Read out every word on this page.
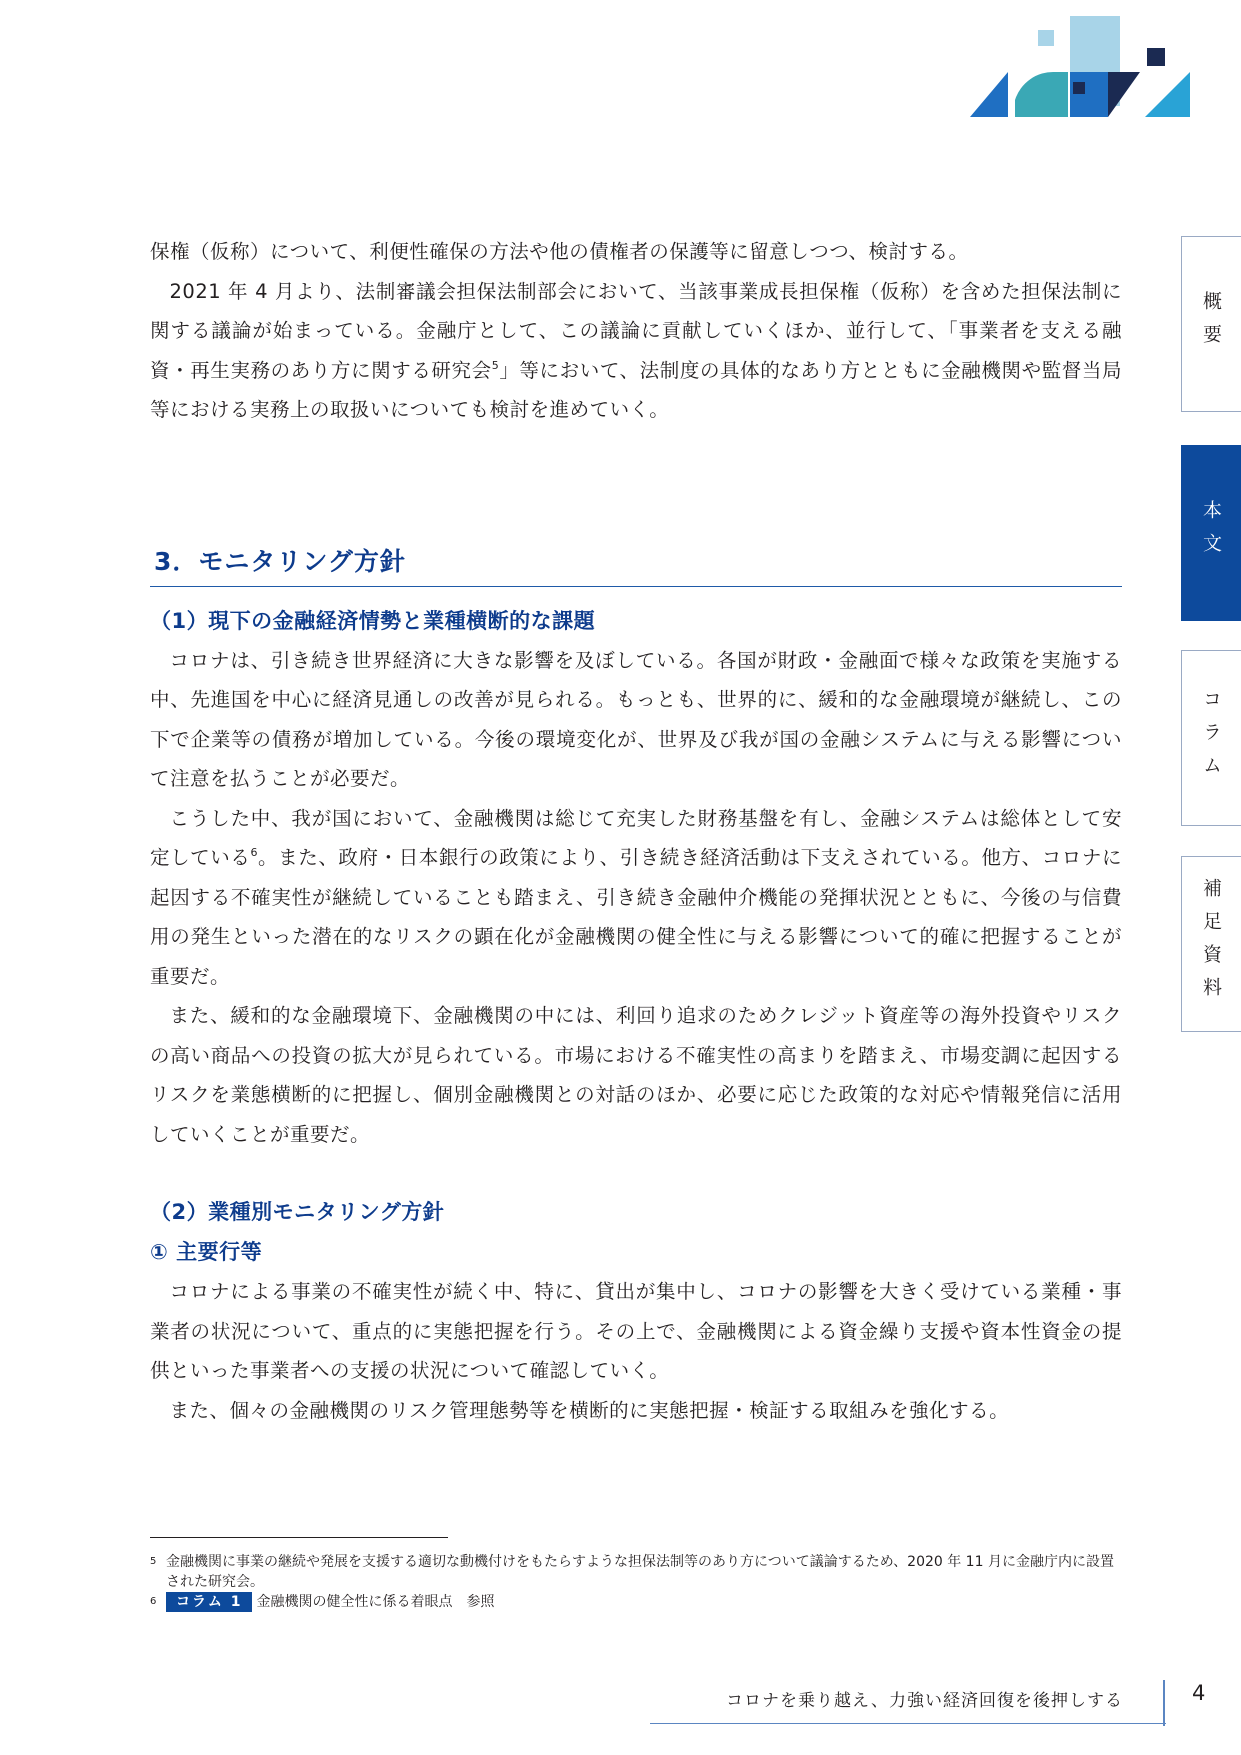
概要
本文
コラム
補足資料

保権（仮称）について、利便性確保の方法や他の債権者の保護等に留意しつつ、検討する。

2021 年 4 月より、法制審議会担保法制部会において、当該事業成長担保権（仮称）を含めた担保法制に関する議論が始まっている。金融庁として、この議論に貢献していくほか、並行して、「事業者を支える融資・再生実務のあり方に関する研究会$^5$」等において、法制度の具体的なあり方とともに金融機関や監督当局等における実務上の取扱いについても検討を進めていく。

3．モニタリング方針
（1）現下の金融経済情勢と業種横断的な課題

コロナは、引き続き世界経済に大きな影響を及ぼしている。各国が財政・金融面で様々な政策を実施する中、先進国を中心に経済見通しの改善が見られる。もっとも、世界的に、緩和的な金融環境が継続し、この下で企業等の債務が増加している。今後の環境変化が、世界及び我が国の金融システムに与える影響について注意を払うことが必要だ。

こうした中、我が国において、金融機関は総じて充実した財務基盤を有し、金融システムは総体として安定している$^6$。また、政府・日本銀行の政策により、引き続き経済活動は下支えされている。他方、コロナに起因する不確実性が継続していることも踏まえ、引き続き金融仲介機能の発揮状況とともに、今後の与信費用の発生といった潜在的なリスクの顕在化が金融機関の健全性に与える影響について的確に把握することが重要だ。

また、緩和的な金融環境下、金融機関の中には、利回り追求のためクレジット資産等の海外投資やリスクの高い商品への投資の拡大が見られている。市場における不確実性の高まりを踏まえ、市場変調に起因するリスクを業態横断的に把握し、個別金融機関との対話のほか、必要に応じた政策的な対応や情報発信に活用していくことが重要だ。

（2）業種別モニタリング方針
① 主要行等

コロナによる事業の不確実性が続く中、特に、貸出が集中し、コロナの影響を大きく受けている業種・事業者の状況について、重点的に実態把握を行う。その上で、金融機関による資金繰り支援や資本性資金の提供といった事業者への支援の状況について確認していく。

また、個々の金融機関のリスク管理態勢等を横断的に実態把握・検証する取組みを強化する。

5 金融機関に事業の継続や発展を支援する適切な動機付けをもたらすような担保法制等のあり方について議論するため、2020 年 11 月に金融庁内に設置された研究会。
6	コラム 1 金融機関の健全性に係る着眼点　参照
コロナを乗り越え、力強い経済回復を後押しする	4
